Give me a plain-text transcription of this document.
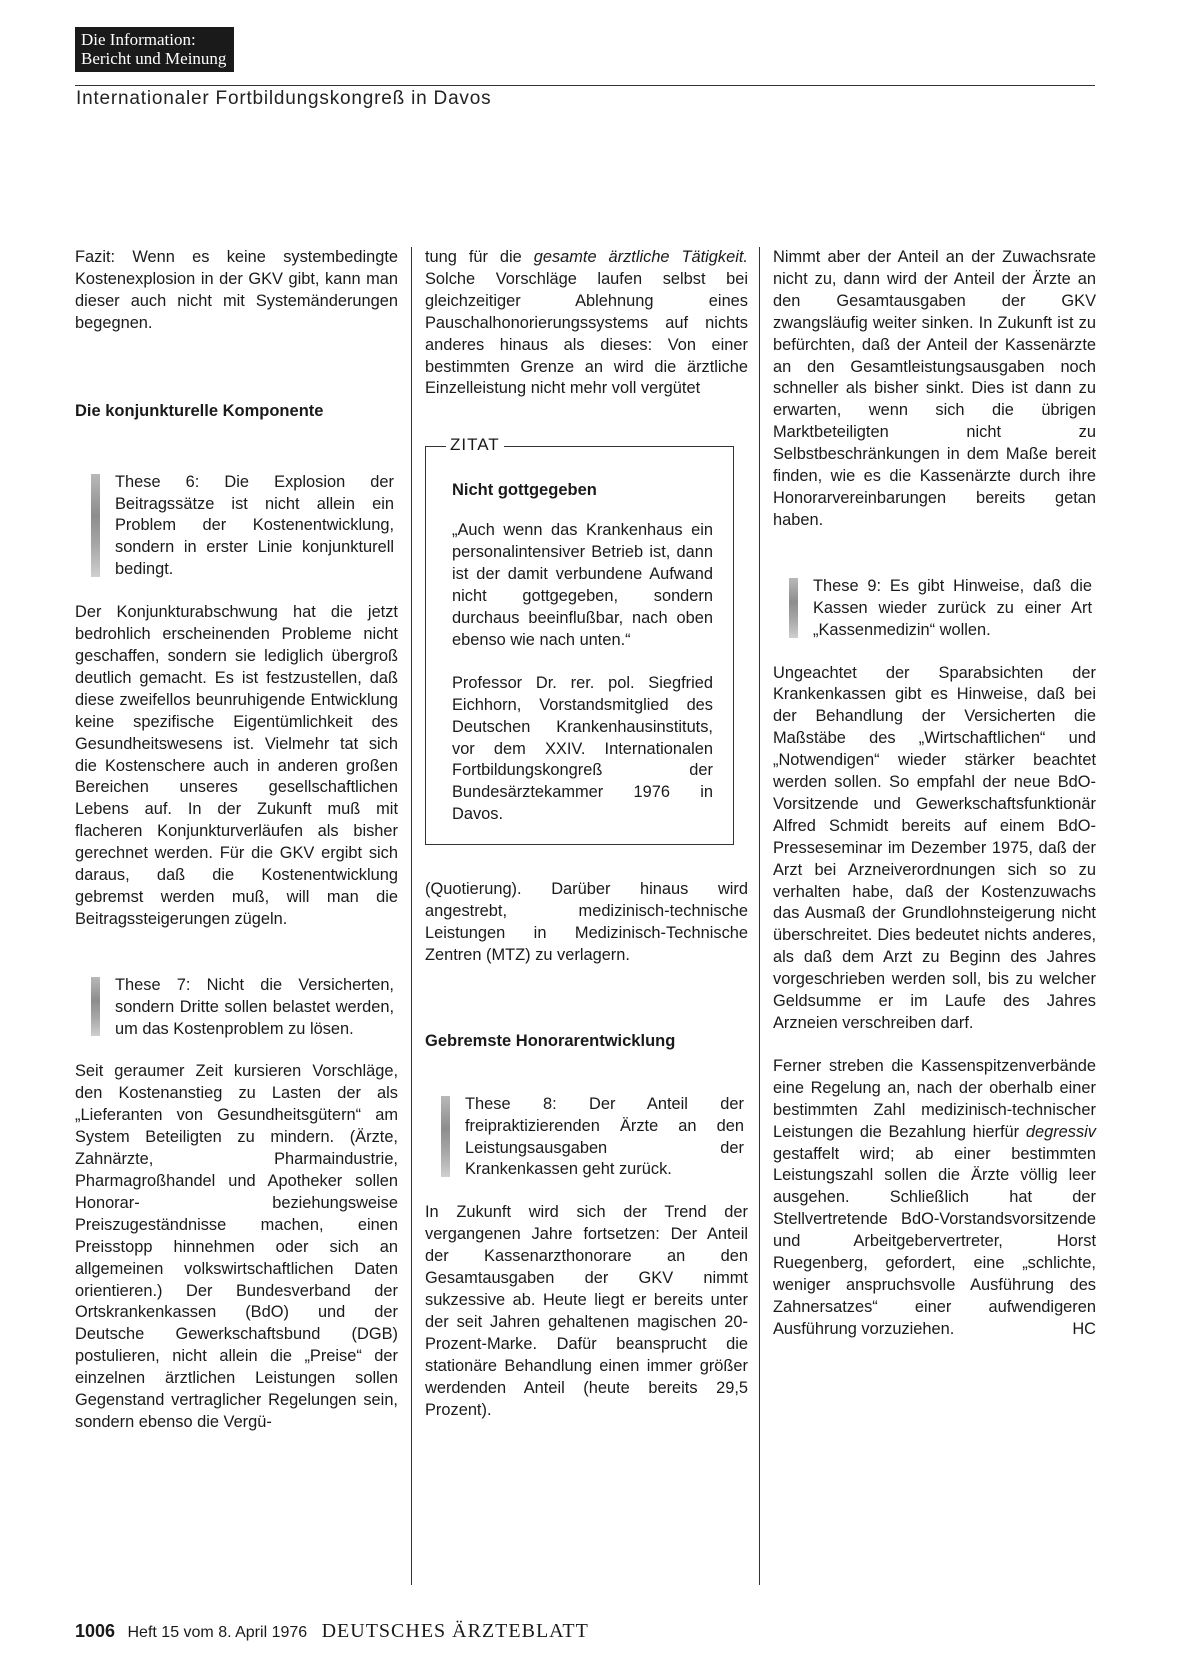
Die Information:
Bericht und Meinung
Internationaler Fortbildungskongreß in Davos

Fazit: Wenn es keine systembedingte Kostenexplosion in der GKV gibt, kann man dieser auch nicht mit Systemänderungen begegnen.

Die konjunkturelle Komponente

These 6: Die Explosion der Beitragssätze ist nicht allein ein Problem der Kostenentwicklung, sondern in erster Linie konjunkturell bedingt.

Der Konjunkturabschwung hat die jetzt bedrohlich erscheinenden Probleme nicht geschaffen, sondern sie lediglich übergroß deutlich gemacht. Es ist festzustellen, daß diese zweifellos beunruhigende Entwicklung keine spezifische Eigentümlichkeit des Gesundheitswesens ist. Vielmehr tat sich die Kostenschere auch in anderen großen Bereichen unseres gesellschaftlichen Lebens auf. In der Zukunft muß mit flacheren Konjunkturverläufen als bisher gerechnet werden. Für die GKV ergibt sich daraus, daß die Kostenentwicklung gebremst werden muß, will man die Beitragssteigerungen zügeln.

These 7: Nicht die Versicherten, sondern Dritte sollen belastet werden, um das Kostenproblem zu lösen.

Seit geraumer Zeit kursieren Vorschläge, den Kostenanstieg zu Lasten der als „Lieferanten von Gesundheitsgütern“ am System Beteiligten zu mindern. (Ärzte, Zahnärzte, Pharmaindustrie, Pharmagroßhandel und Apotheker sollen Honorar- beziehungsweise Preiszugeständnisse machen, einen Preisstopp hinnehmen oder sich an allgemeinen volkswirtschaftlichen Daten orientieren.) Der Bundesverband der Ortskrankenkassen (BdO) und der Deutsche Gewerkschaftsbund (DGB) postulieren, nicht allein die „Preise“ der einzelnen ärztlichen Leistungen sollen Gegenstand vertraglicher Regelungen sein, sondern ebenso die Vergü-

tung für die gesamte ärztliche Tätigkeit. Solche Vorschläge laufen selbst bei gleichzeitiger Ablehnung eines Pauschalhonorierungssystems auf nichts anderes hinaus als dieses: Von einer bestimmten Grenze an wird die ärztliche Einzelleistung nicht mehr voll vergütet

ZITAT
Nicht gottgegeben

„Auch wenn das Krankenhaus ein personalintensiver Betrieb ist, dann ist der damit verbundene Aufwand nicht gottgegeben, sondern durchaus beeinflußbar, nach oben ebenso wie nach unten.“

Professor Dr. rer. pol. Siegfried Eichhorn, Vorstandsmitglied des Deutschen Krankenhausinstituts, vor dem XXIV. Internationalen Fortbildungskongreß der Bundesärztekammer 1976 in Davos.

(Quotierung). Darüber hinaus wird angestrebt, medizinisch-technische Leistungen in Medizinisch-Technische Zentren (MTZ) zu verlagern.

Gebremste Honorarentwicklung

These 8: Der Anteil der freipraktizierenden Ärzte an den Leistungsausgaben der Krankenkassen geht zurück.

In Zukunft wird sich der Trend der vergangenen Jahre fortsetzen: Der Anteil der Kassenarzthonorare an den Gesamtausgaben der GKV nimmt sukzessive ab. Heute liegt er bereits unter der seit Jahren gehaltenen magischen 20-Prozent-Marke. Dafür beansprucht die stationäre Behandlung einen immer größer werdenden Anteil (heute bereits 29,5 Prozent).

Nimmt aber der Anteil an der Zuwachsrate nicht zu, dann wird der Anteil der Ärzte an den Gesamtausgaben der GKV zwangsläufig weiter sinken. In Zukunft ist zu befürchten, daß der Anteil der Kassenärzte an den Gesamtleistungsausgaben noch schneller als bisher sinkt. Dies ist dann zu erwarten, wenn sich die übrigen Marktbeteiligten nicht zu Selbstbeschränkungen in dem Maße bereit finden, wie es die Kassenärzte durch ihre Honorarvereinbarungen bereits getan haben.

These 9: Es gibt Hinweise, daß die Kassen wieder zurück zu einer Art „Kassenmedizin“ wollen.

Ungeachtet der Sparabsichten der Krankenkassen gibt es Hinweise, daß bei der Behandlung der Versicherten die Maßstäbe des „Wirtschaftlichen“ und „Notwendigen“ wieder stärker beachtet werden sollen. So empfahl der neue BdO-Vorsitzende und Gewerkschaftsfunktionär Alfred Schmidt bereits auf einem BdO-Presseseminar im Dezember 1975, daß der Arzt bei Arzneiverordnungen sich so zu verhalten habe, daß der Kostenzuwachs das Ausmaß der Grundlohnsteigerung nicht überschreitet. Dies bedeutet nichts anderes, als daß dem Arzt zu Beginn des Jahres vorgeschrieben werden soll, bis zu welcher Geldsumme er im Laufe des Jahres Arzneien verschreiben darf.

Ferner streben die Kassenspitzenverbände eine Regelung an, nach der oberhalb einer bestimmten Zahl medizinisch-technischer Leistungen die Bezahlung hierfür degressiv gestaffelt wird; ab einer bestimmten Leistungszahl sollen die Ärzte völlig leer ausgehen. Schließlich hat der Stellvertretende BdO-Vorstandsvorsitzende und Arbeitgebervertreter, Horst Ruegenberg, gefordert, eine „schlichte, weniger anspruchsvolle Ausführung des Zahnersatzes“ einer aufwendigeren Ausführung vorzuziehen.	HC

1006 Heft 15 vom 8. April 1976 DEUTSCHES ÄRZTEBLATT
